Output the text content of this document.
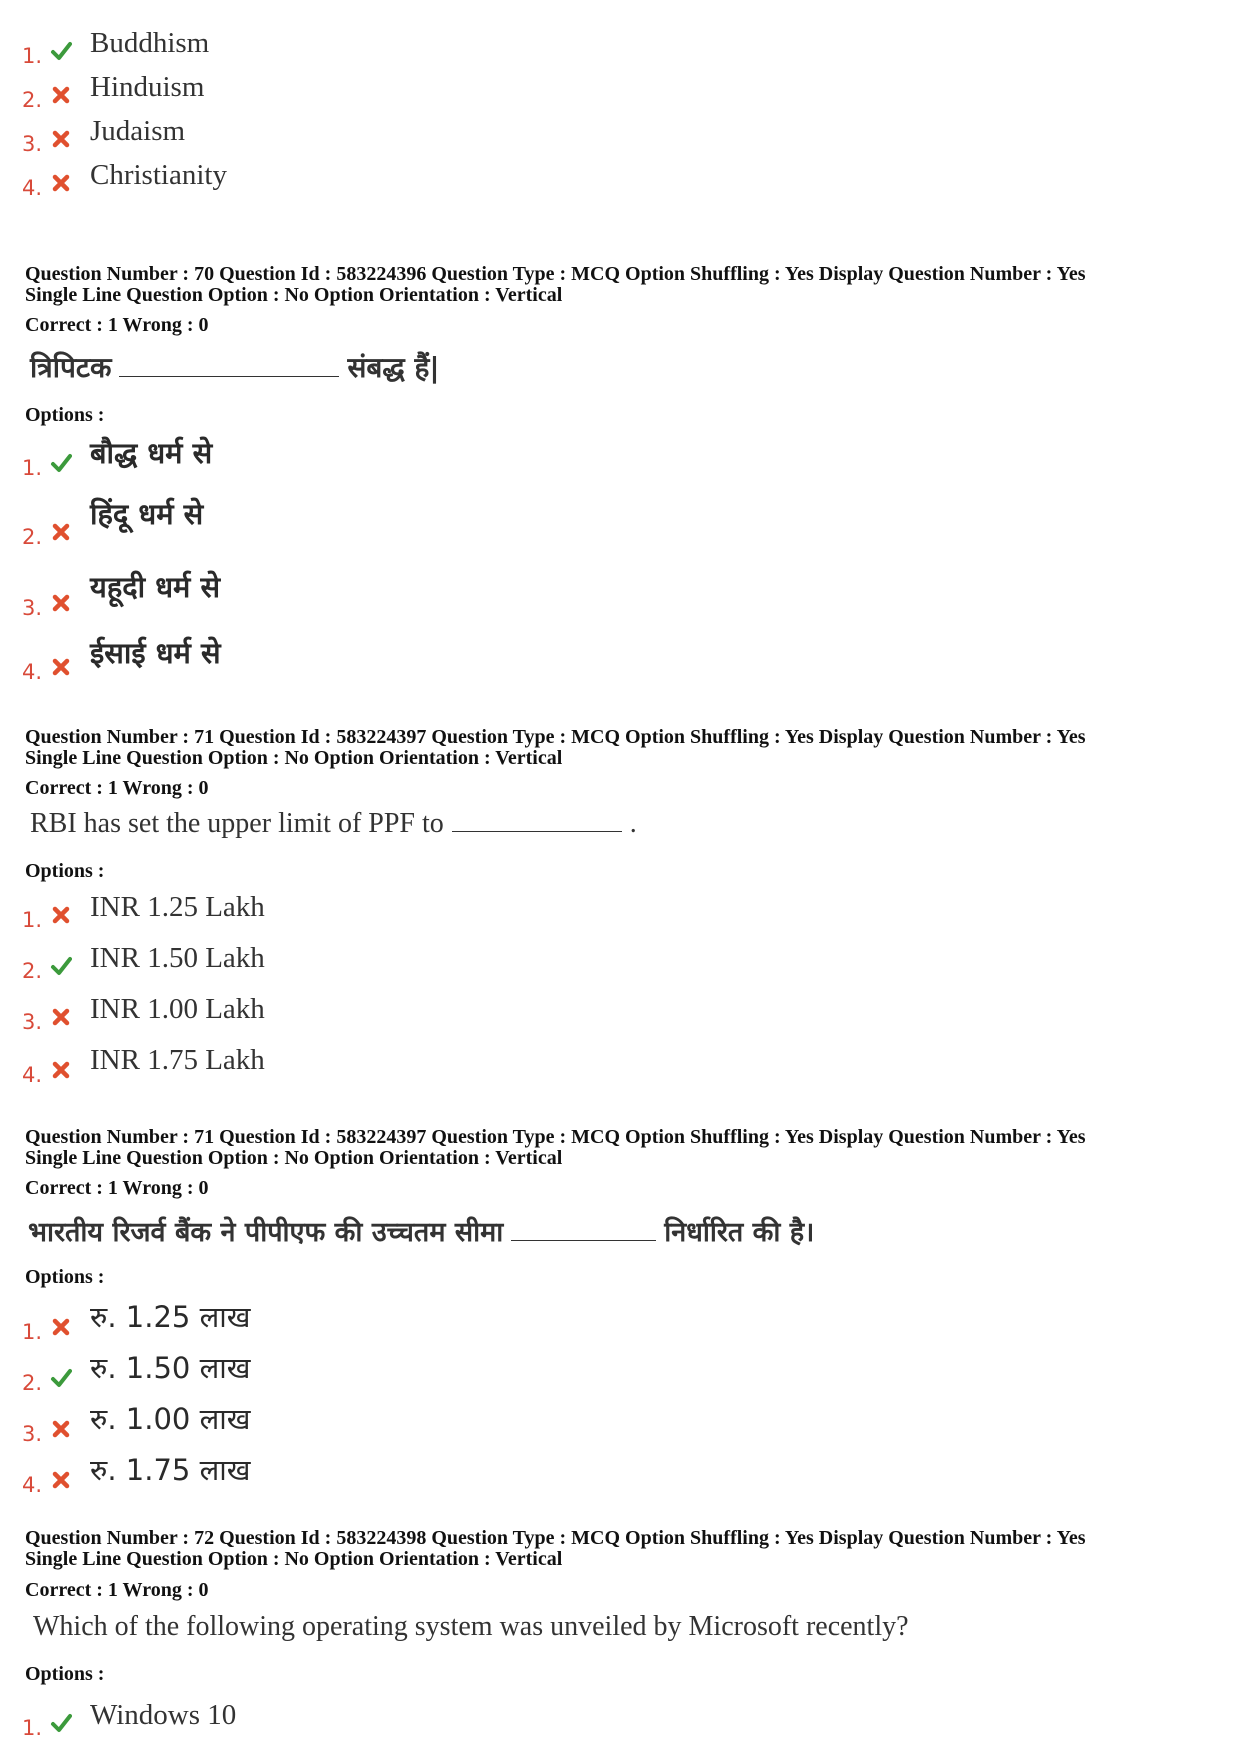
1. Buddhism
2. Hinduism
3. Judaism
4. Christianity
Question Number : 70 Question Id : 583224396 Question Type : MCQ Option Shuffling : Yes Display Question Number : Yes
Single Line Question Option : No Option Orientation : Vertical
Correct : 1 Wrong : 0
त्रिपिटक	संबद्ध हैं|
Options :
1. बौद्ध धर्म से
2.
हिंदू धर्म से
3.
यहूदी धर्म से
4.
ईसाई धर्म से
Question Number : 71 Question Id : 583224397 Question Type : MCQ Option Shuffling : Yes Display Question Number : Yes
Single Line Question Option : No Option Orientation : Vertical
Correct : 1 Wrong : 0
RBI has set the upper limit of PPF to	.
Options :
1. INR 1.25 Lakh
2. INR 1.50 Lakh
3. INR 1.00 Lakh
4. INR 1.75 Lakh
Question Number : 71 Question Id : 583224397 Question Type : MCQ Option Shuffling : Yes Display Question Number : Yes
Single Line Question Option : No Option Orientation : Vertical
Correct : 1 Wrong : 0
भारतीय रिजर्व बैंक ने पीपीएफ की उच्चतम सीमा	निर्धारित की है।
Options :
1. रु. 1.25 लाख
2. रु. 1.50 लाख
3. रु. 1.00 लाख
4. रु. 1.75 लाख
Question Number : 72 Question Id : 583224398 Question Type : MCQ Option Shuffling : Yes Display Question Number : Yes
Single Line Question Option : No Option Orientation : Vertical
Correct : 1 Wrong : 0
Which of the following operating system was unveiled by Microsoft recently?
Options :
1. Windows 10
